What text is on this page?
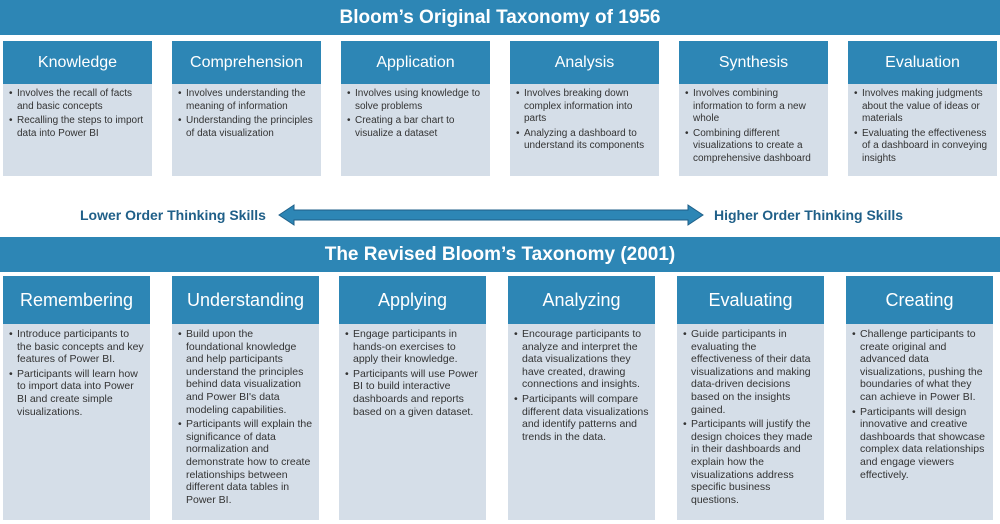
Bloom’s Original Taxonomy of 1956
Knowledge
• Involves the recall of facts and basic concepts
• Recalling the steps to import data into Power BI
Comprehension
• Involves understanding the meaning of information
• Understanding the principles of data visualization
Application
• Involves using knowledge to solve problems
• Creating a bar chart to visualize a dataset
Analysis
• Involves breaking down complex information into parts
• Analyzing a dashboard to understand its components
Synthesis
• Involves combining information to form a new whole
• Combining different visualizations to create a comprehensive dashboard
Evaluation
• Involves making judgments about the value of ideas or materials
• Evaluating the effectiveness of a dashboard in conveying insights
Lower Order Thinking Skills	Higher Order Thinking Skills
The Revised Bloom’s Taxonomy (2001)
Remembering
• Introduce participants to the basic concepts and key features of Power BI.
• Participants will learn how to import data into Power BI and create simple visualizations.
Understanding
• Build upon the foundational knowledge and help participants understand the principles behind data visualization and Power BI's data modeling capabilities.
• Participants will explain the significance of data normalization and demonstrate how to create relationships between different data tables in Power BI.
Applying
• Engage participants in hands-on exercises to apply their knowledge.
• Participants will use Power BI to build interactive dashboards and reports based on a given dataset.
Analyzing
• Encourage participants to analyze and interpret the data visualizations they have created, drawing connections and insights.
• Participants will compare different data visualizations and identify patterns and trends in the data.
Evaluating
• Guide participants in evaluating the effectiveness of their data visualizations and making data-driven decisions based on the insights gained.
• Participants will justify the design choices they made in their dashboards and explain how the visualizations address specific business questions.
Creating
• Challenge participants to create original and advanced data visualizations, pushing the boundaries of what they can achieve in Power BI.
• Participants will design innovative and creative dashboards that showcase complex data relationships and engage viewers effectively.
